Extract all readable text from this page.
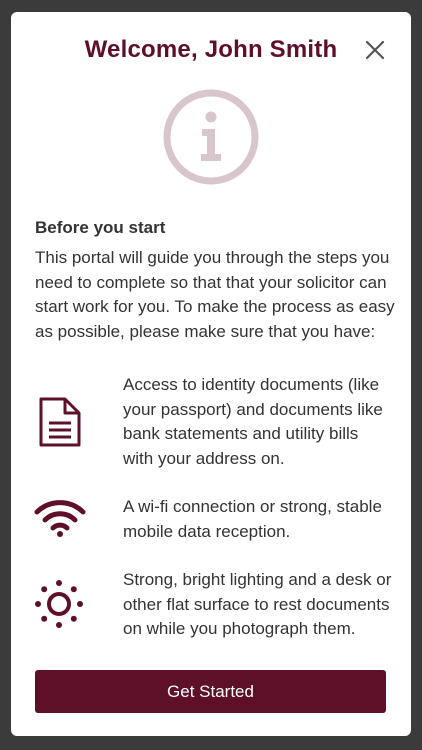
Welcome, John Smith
Before you start
This portal will guide you through the steps you need to complete so that that your solicitor can start work for you. To make the process as easy as possible, please make sure that you have:
Access to identity documents (like your passport) and documents like bank statements and utility bills with your address on.
A wi-fi connection or strong, stable mobile data reception.
Strong, bright lighting and a desk or other flat surface to rest documents on while you photograph them.
Get Started
